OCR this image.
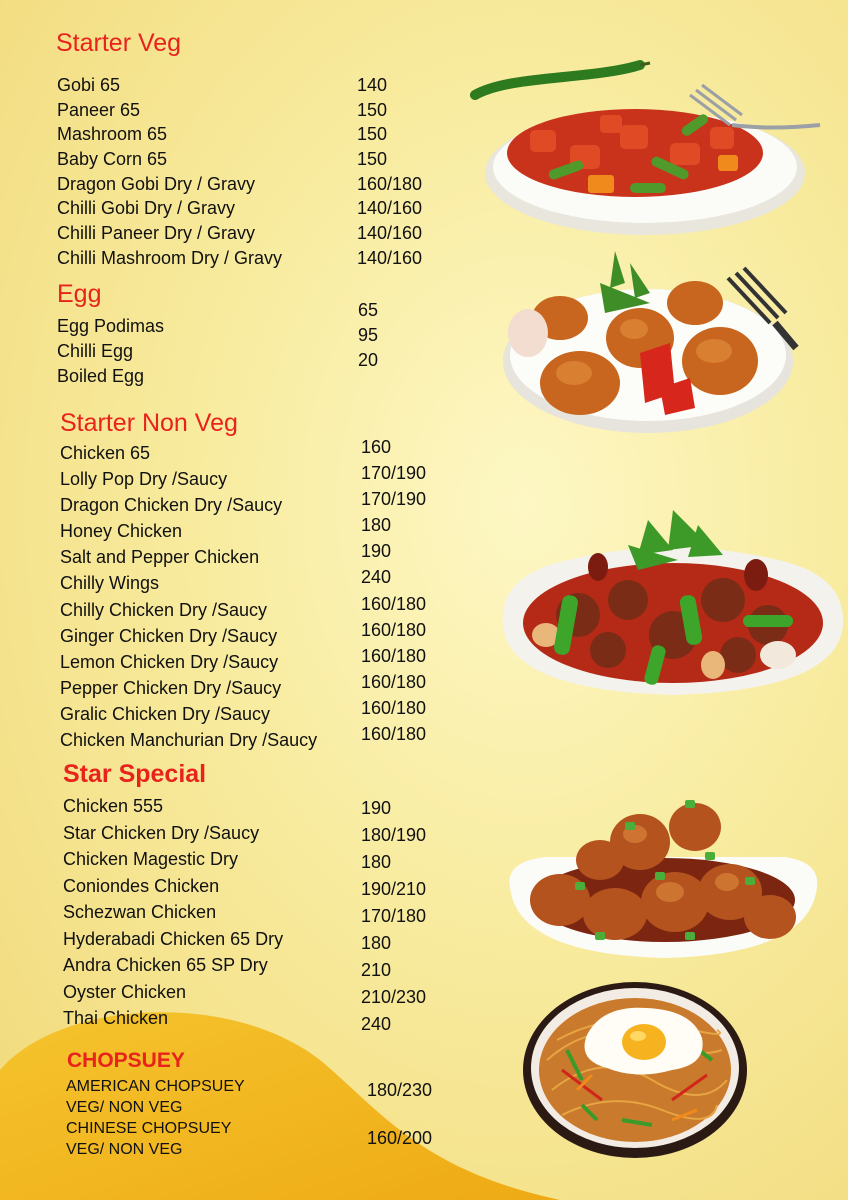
Starter Veg
Gobi 65
Paneer 65
Mashroom 65
Baby Corn 65
Dragon Gobi Dry / Gravy
Chilli Gobi Dry / Gravy
Chilli Paneer Dry / Gravy
Chilli Mashroom Dry / Gravy
140
150
150
150
160/180
140/160
140/160
140/160
Egg
Egg Podimas
Chilli Egg
Boiled Egg
65
95
20
Starter Non Veg
Chicken 65
Lolly Pop Dry /Saucy
Dragon Chicken Dry /Saucy
Honey Chicken
Salt and Pepper Chicken
Chilly Wings
Chilly Chicken Dry /Saucy
Ginger Chicken Dry /Saucy
Lemon Chicken Dry /Saucy
Pepper Chicken Dry /Saucy
Gralic Chicken Dry /Saucy
Chicken Manchurian Dry /Saucy
160
170/190
170/190
180
190
240
160/180
160/180
160/180
160/180
160/180
160/180
Star Special
Chicken 555
Star Chicken Dry /Saucy
Chicken Magestic Dry
Coniondes Chicken
Schezwan Chicken
Hyderabadi Chicken 65 Dry
Andra Chicken 65 SP Dry
Oyster Chicken
Thai Chicken
190
180/190
180
190/210
170/180
180
210
210/230
240
CHOPSUEY
AMERICAN CHOPSUEY
VEG/ NON VEG
CHINESE CHOPSUEY
VEG/ NON VEG
180/230
160/200
